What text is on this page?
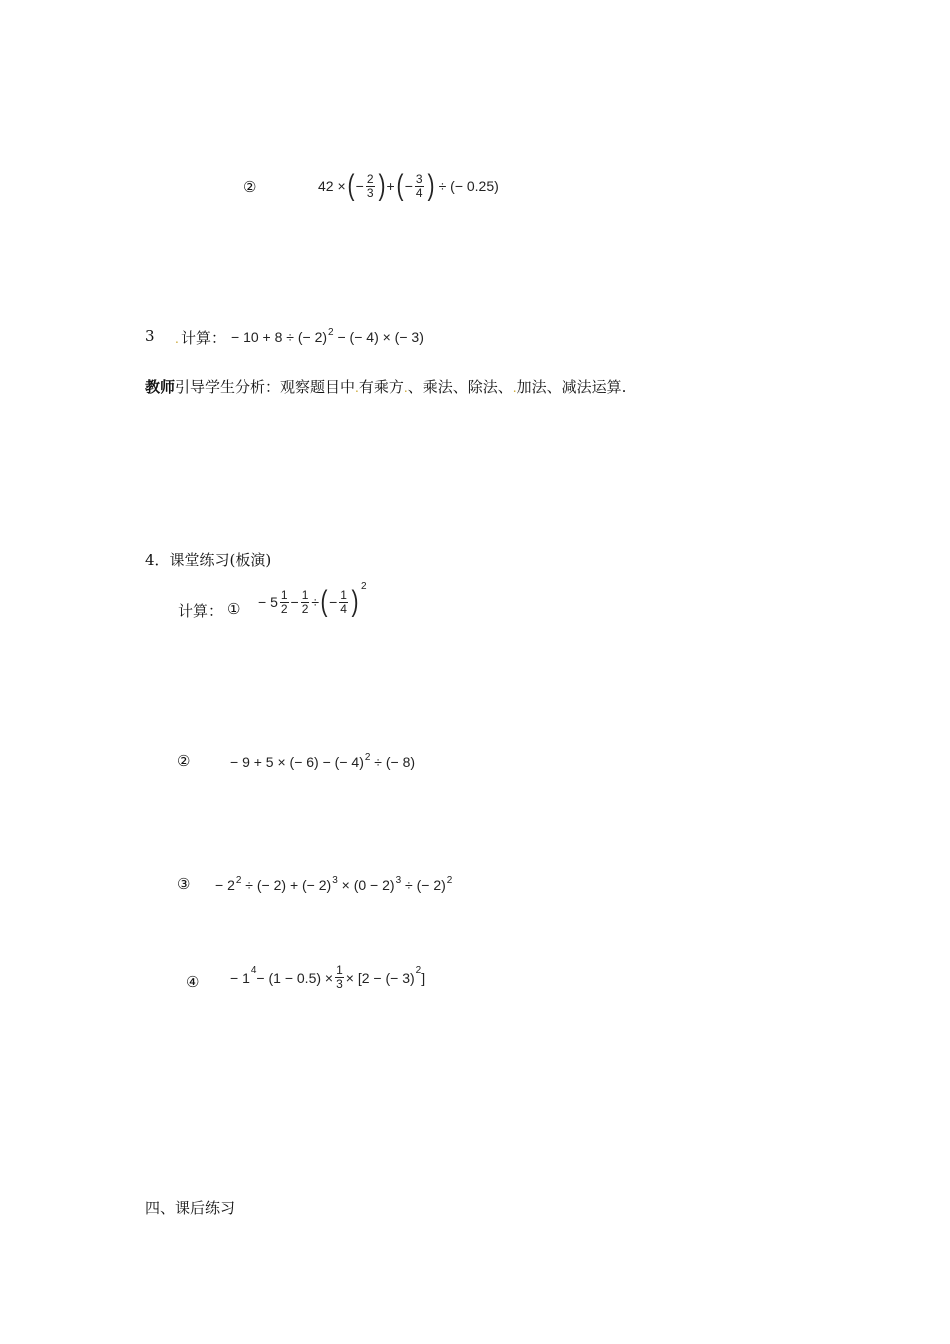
②	42 × ( − $\frac{2}{3}$ ) + ( − $\frac{3}{4}$ ) ÷ (− 0.25)
3 . 计算： − 10 + 8 ÷ (− 2)$^2$ − (− 4) × (− 3)
教师引导学生分析：观察题目中.有乘方.、乘法、除法、.加法、减法运算.
4．课堂练习(板演)
计算： ① − $5 \frac{1}{2} - \frac{1}{2}$ ÷ ( − $\frac{1}{4}$ ) 2
②	− 9 + 5 × (− 6) − (− 4)$^2$ ÷ (− 8)
③ − $2^2$ ÷ (− 2) + (− $2)^3 \times (0 - 2)^3$ ÷ (− 2)$^2$
④ − 1 $4 - (1 - 0.5) \times \frac{1}{3} \times [2$ − (− 3) 2 ]
四、课后练习
